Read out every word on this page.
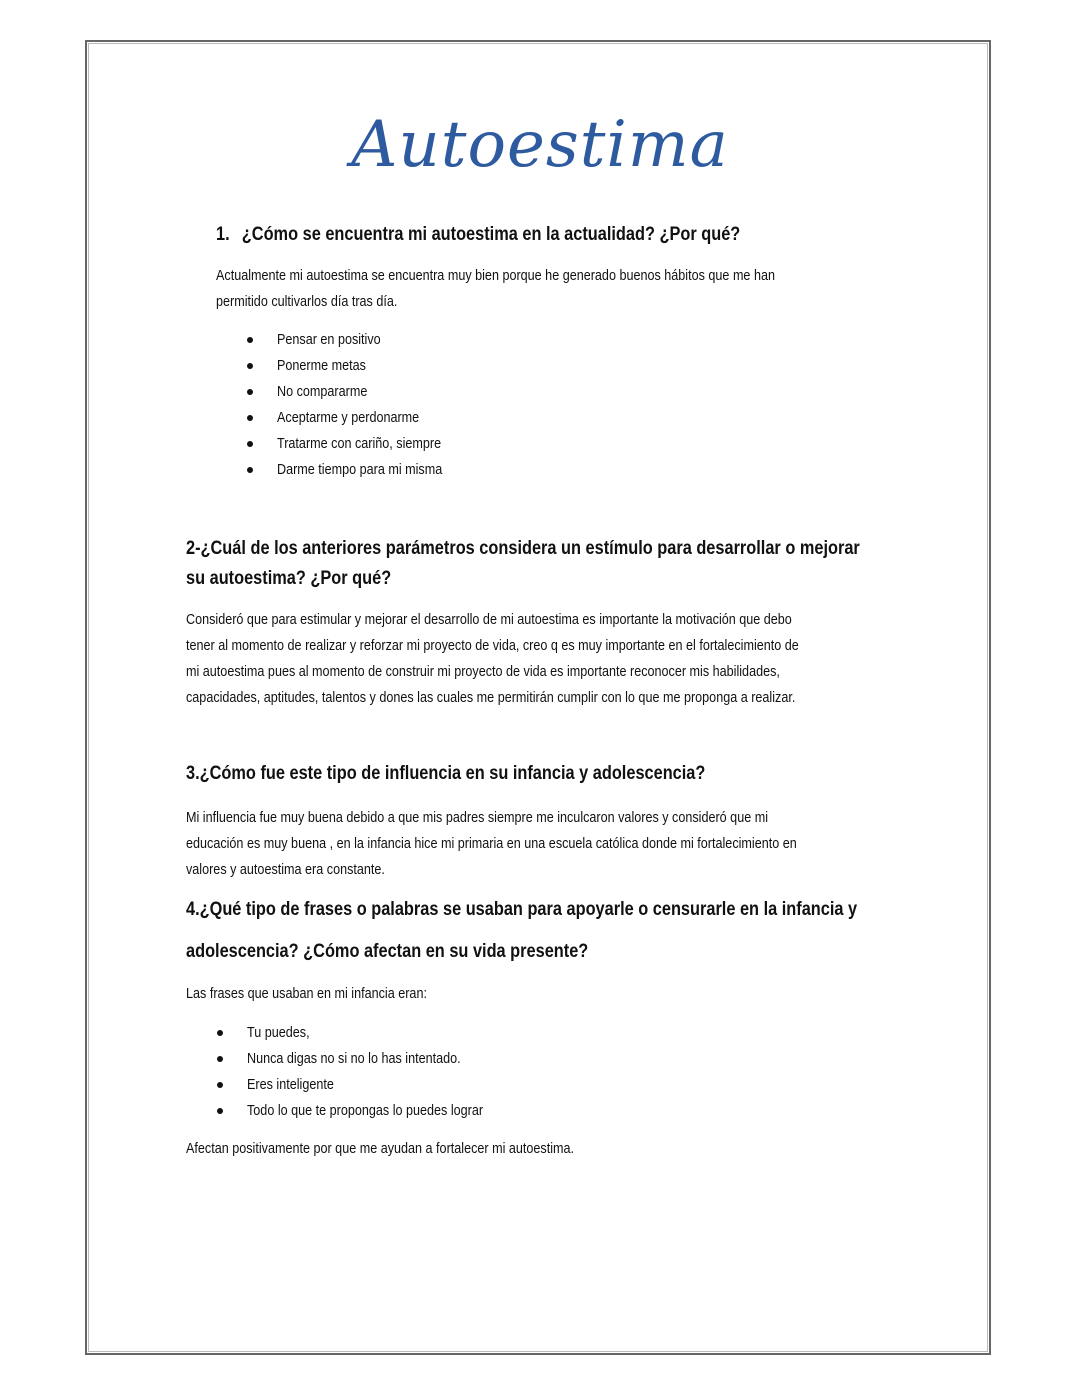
Autoestima
1. ¿Cómo se encuentra mi autoestima en la actualidad? ¿Por qué?

Actualmente mi autoestima se encuentra muy bien porque he generado buenos hábitos que me han
permitido cultivarlos día tras día.

Pensar en positivo
Ponerme metas
No compararme
Aceptarme y perdonarme
Tratarme con cariño, siempre
Darme tiempo para mi misma
2-¿Cuál de los anteriores parámetros considera un estímulo para desarrollar o mejorar
su autoestima? ¿Por qué?

Consideró que para estimular y mejorar el desarrollo de mi autoestima es importante la motivación que debo
tener al momento de realizar y reforzar mi proyecto de vida, creo q es muy importante en el fortalecimiento de
mi autoestima pues al momento de construir mi proyecto de vida es importante reconocer mis habilidades,
capacidades, aptitudes, talentos y dones las cuales me permitirán cumplir con lo que me proponga a realizar.

3.¿Cómo fue este tipo de influencia en su infancia y adolescencia?

Mi influencia fue muy buena debido a que mis padres siempre me inculcaron valores y consideró que mi
educación es muy buena , en la infancia hice mi primaria en una escuela católica donde mi fortalecimiento en
valores y autoestima era constante.

4.¿Qué tipo de frases o palabras se usaban para apoyarle o censurarle en la infancia y
adolescencia? ¿Cómo afectan en su vida presente?

Las frases que usaban en mi infancia eran:

Tu puedes,
Nunca digas no si no lo has intentado.
Eres inteligente
Todo lo que te propongas lo puedes lograr

Afectan positivamente por que me ayudan a fortalecer mi autoestima.
